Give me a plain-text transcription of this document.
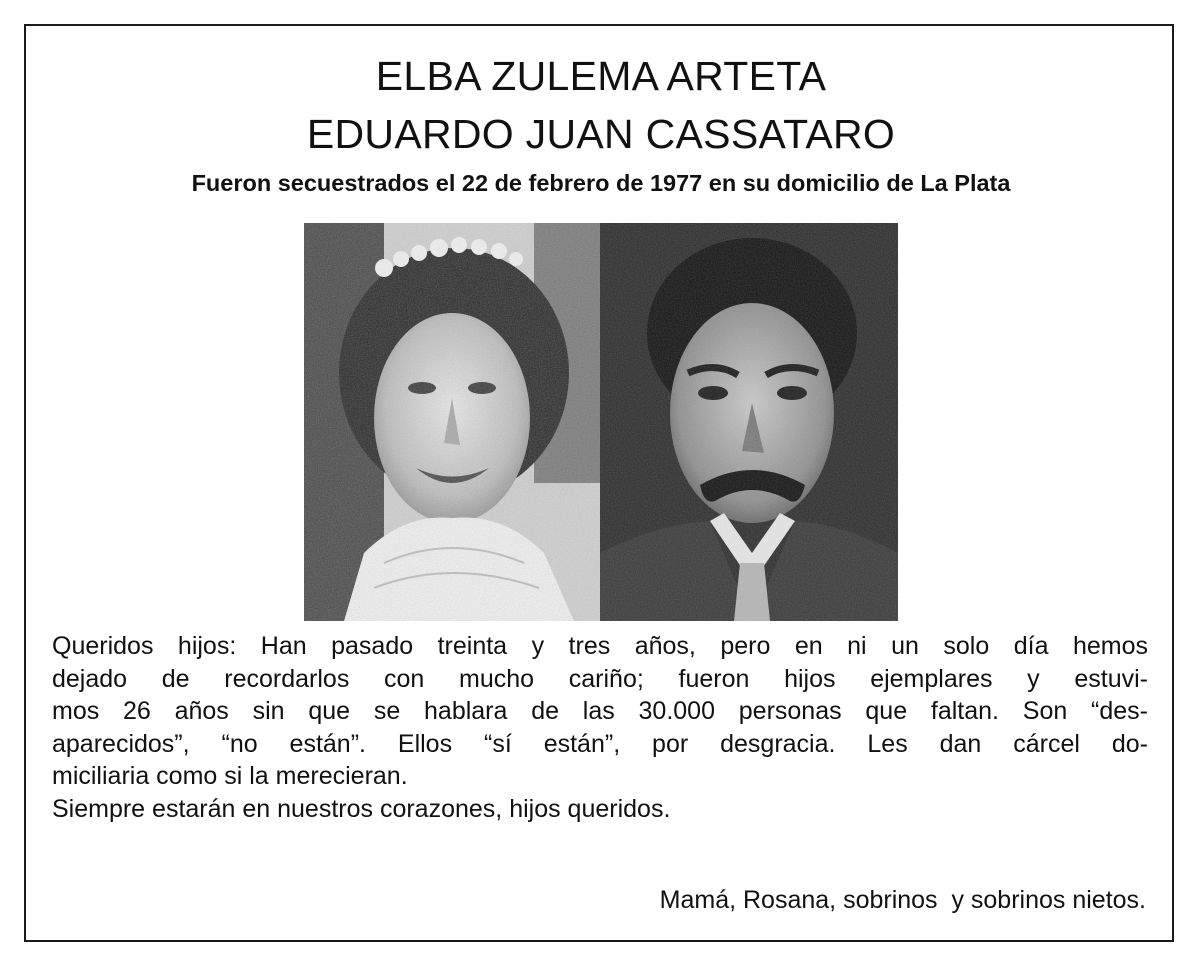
ELBA ZULEMA ARTETA
EDUARDO JUAN CASSATARO

Fueron secuestrados el 22 de febrero de 1977 en su domicilio de La Plata

Queridos hijos: Han pasado treinta y tres años, pero en ni un solo día hemos
dejado de recordarlos con mucho cariño; fueron hijos ejemplares y estuvi-
mos 26 años sin que se hablara de las 30.000 personas que faltan. Son “des-
aparecidos”, “no están”. Ellos “sí están”, por desgracia. Les dan cárcel do-
miciliaria como si la merecieran.
Siempre estarán en nuestros corazones, hijos queridos.

Mamá, Rosana, sobrinos  y sobrinos nietos.
